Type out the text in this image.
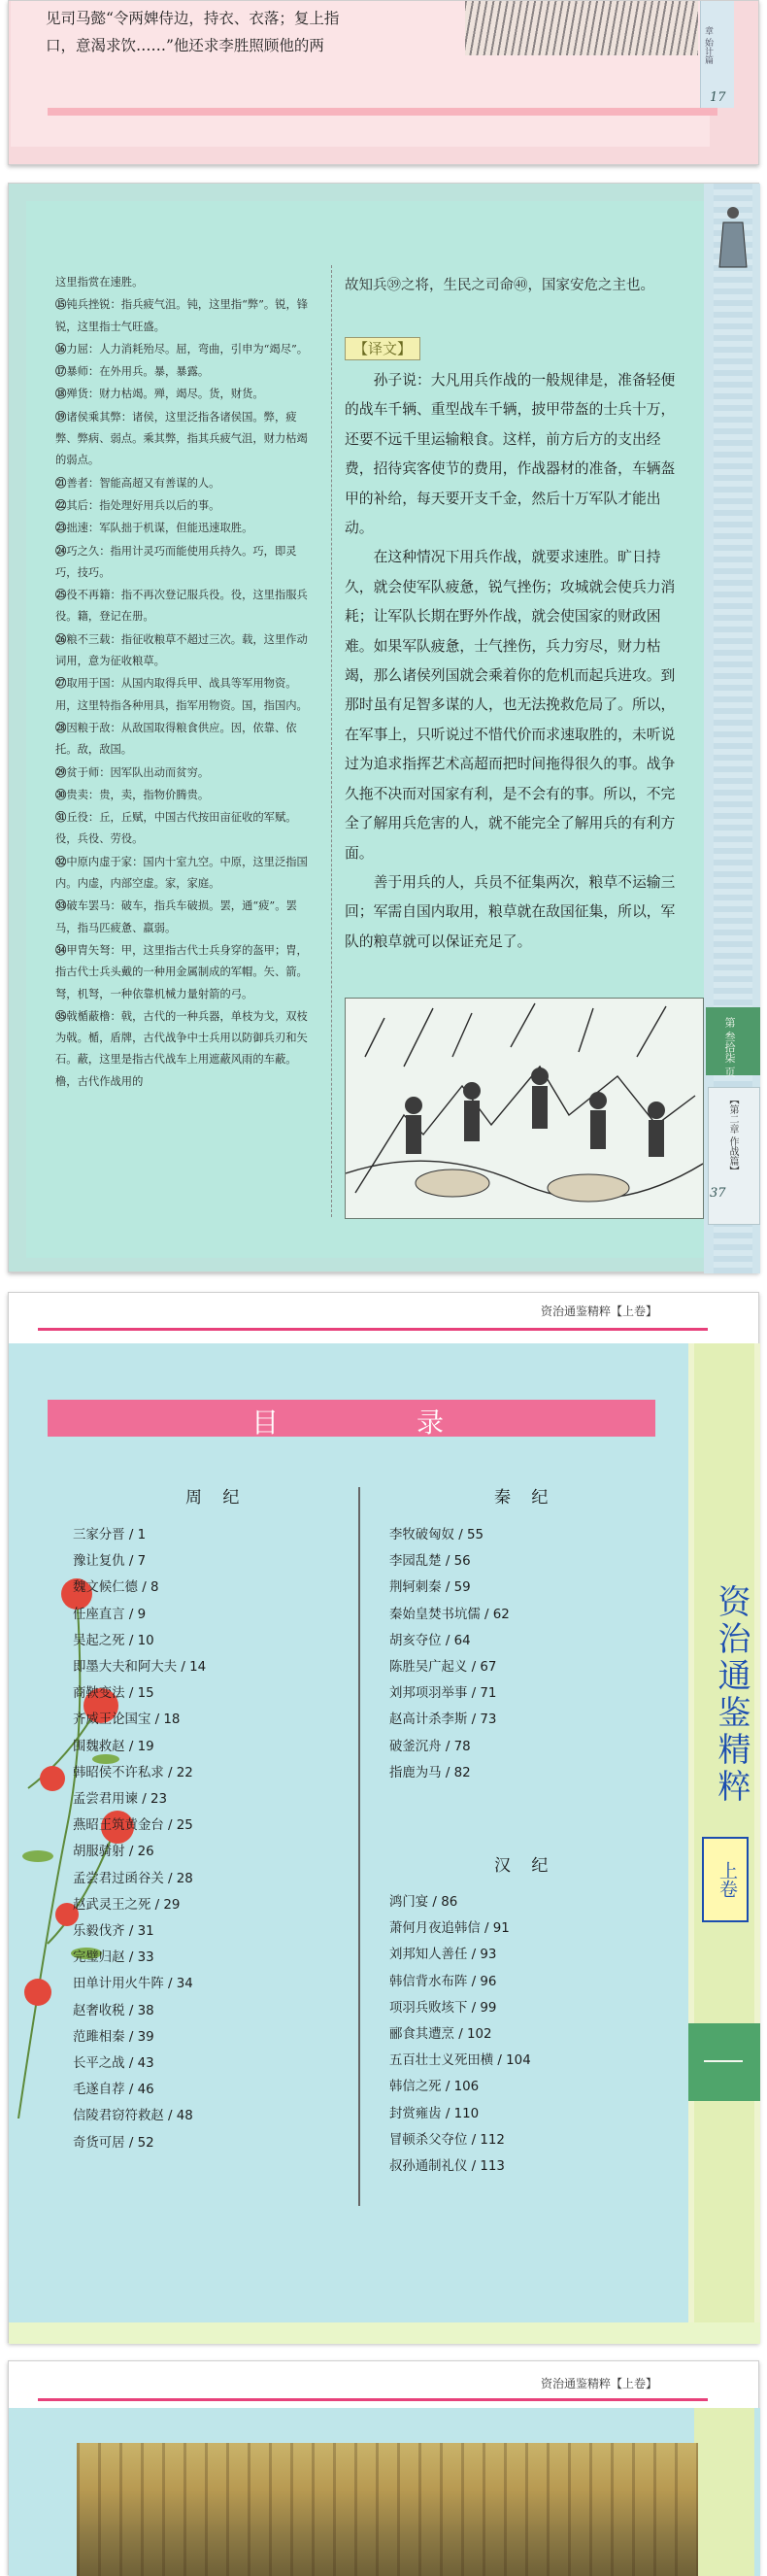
见司马懿“令两婢侍边，持衣、衣落；复上指
口，意渴求饮……”他还求李胜照顾他的两	章 始计篇
17
这里指赏在速胜。
⑮钝兵挫锐：指兵疲气沮。钝，这里指“弊”。锐，锋锐，这里指士气旺盛。
⑯力屈：人力消耗殆尽。屈，弯曲，引申为“竭尽”。
⑰暴师：在外用兵。暴，暴露。
⑱殚货：财力枯竭。殚，竭尽。货，财货。
⑲诸侯乘其弊：诸侯，这里泛指各诸侯国。弊，疲弊、弊病、弱点。乘其弊，指其兵疲气沮，财力枯竭的弱点。
㉑善者：智能高超又有善谋的人。
㉒其后：指处理好用兵以后的事。
㉓拙速：军队拙于机谋，但能迅速取胜。
㉔巧之久：指用计灵巧而能使用兵持久。巧，即灵巧，技巧。
㉕役不再籍：指不再次登记服兵役。役，这里指服兵役。籍，登记在册。
㉖粮不三载：指征收粮草不超过三次。载，这里作动词用，意为征收粮草。
㉗取用于国：从国内取得兵甲、战具等军用物资。用，这里特指各种用具，指军用物资。国，指国内。
㉘因粮于敌：从敌国取得粮食供应。因，依靠、依托。敌，敌国。
㉙贫于师：因军队出动而贫穷。
㉚贵卖：贵，卖，指物价腾贵。
㉛丘役：丘，丘赋，中国古代按田亩征收的军赋。役，兵役、劳役。
㉜中原内虚于家：国内十室九空。中原，这里泛指国内。内虚，内部空虚。家，家庭。
㉝破车罢马：破车，指兵车破损。罢，通“疲”。罢马，指马匹疲惫、羸弱。
㉞甲胄矢弩：甲，这里指古代士兵身穿的盔甲；胄，指古代士兵头戴的一种用金属制成的军帽。矢、箭。弩，机弩，一种依靠机械力量射箭的弓。
㉟戟楯蔽橹：戟，古代的一种兵器，单枝为戈，双枝为戟。楯，盾牌，古代战争中士兵用以防御兵刃和矢石。蔽，这里是指古代战车上用遮蔽风雨的车蔽。橹，古代作战用的
故知兵㊴之将，生民之司命㊵，国家安危之主也。
【译文】

孙子说：大凡用兵作战的一般规律是，准备轻便的战车千辆、重型战车千辆，披甲带盔的士兵十万，还要不远千里运输粮食。这样，前方后方的支出经费，招待宾客使节的费用，作战器材的准备，车辆盔甲的补给，每天要开支千金，然后十万军队才能出动。

在这种情况下用兵作战，就要求速胜。旷日持久，就会使军队疲惫，锐气挫伤；攻城就会使兵力消耗；让军队长期在野外作战，就会使国家的财政困难。如果军队疲惫，士气挫伤，兵力穷尽，财力枯竭，那么诸侯列国就会乘着你的危机而起兵进攻。到那时虽有足智多谋的人，也无法挽救危局了。所以，在军事上，只听说过不惜代价而求速取胜的，未听说过为追求指挥艺术高超而把时间拖得很久的事。战争久拖不决而对国家有利，是不会有的事。所以，不完全了解用兵危害的人，就不能完全了解用兵的有利方面。

善于用兵的人，兵员不征集两次，粮草不运输三回；军需自国内取用，粮草就在敌国征集，所以，军队的粮草就可以保证充足了。

第 叁拾柒 页
【第二章 作战篇】
37
资治通鉴精粹【上卷】
目	录
周 纪
三家分晋 / 1
豫让复仇 / 7
魏文候仁德 / 8
任座直言 / 9
吴起之死 / 10
即墨大夫和阿大夫 / 14
商鞅变法 / 15
齐威王论国宝 / 18
围魏救赵 / 19
韩昭侯不许私求 / 22
孟尝君用谏 / 23
燕昭王筑黄金台 / 25
胡服骑射 / 26
孟尝君过函谷关 / 28
赵武灵王之死 / 29
乐毅伐齐 / 31
完璧归赵 / 33
田单计用火牛阵 / 34
赵奢收税 / 38
范雎相秦 / 39
长平之战 / 43
毛遂自荐 / 46
信陵君窃符救赵 / 48
奇货可居 / 52
秦 纪
李牧破匈奴 / 55
李园乱楚 / 56
荆轲刺秦 / 59
秦始皇焚书坑儒 / 62
胡亥夺位 / 64
陈胜吴广起义 / 67
刘邦项羽举事 / 71
赵高计杀李斯 / 73
破釜沉舟 / 78
指鹿为马 / 82
汉 纪
鸿门宴 / 86
萧何月夜追韩信 / 91
刘邦知人善任 / 93
韩信背水布阵 / 96
项羽兵败垓下 / 99
郦食其遭烹 / 102
五百壮士义死田横 / 104
韩信之死 / 106
封赏雍齿 / 110
冒顿杀父夺位 / 112
叔孙通制礼仪 / 113
资治通鉴精粹
上卷
资治通鉴精粹【上卷】
